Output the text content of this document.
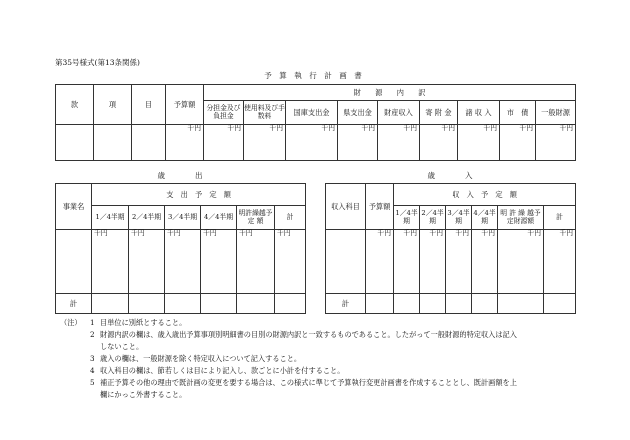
第35号様式(第13条関係)
予　算　執　行　計　画　書
款	項	目	予算額	財　　源　　内　　訳								
				分担金及び負担金	使用料及び手数料	国庫支出金	県支出金	財産収入	寄 附 金	諸 収 入	市　債	一般財源
			千円	千円	千円	千円	千円	千円	千円	千円	千円	千円
歳　　　　出
事業名	支　出　予　定　額					
	1／4半期	2／4半期	3／4半期	4／4半期	明許繰越予 定 額	計
	千円	千円	千円	千円	千円	千円
計						
歳　　　　入
収入科目	予算額	収　入　予　定　額					
		1／4半期	2／4半期	3／4半期	4／4半期	明 許 繰 越予定財源額	計
	千円	千円	千円	千円	千円	千円	千円
計							
（注） 1 目単位に別紙とすること。
2 財源内訳の欄は、歳入歳出予算事項別明細書の目別の財源内訳と一致するものであること。したがって一般財源的特定収入は記入
しないこと。
3 歳入の欄は、一般財源を除く特定収入について記入すること。
4 収入科目の欄は、節若しくは目により記入し、款ごとに小計を付すること。
5 補正予算その他の理由で既計画の変更を要する場合は、この様式に準じて予算執行変更計画書を作成することとし、既計画額を上
欄にかっこ外書すること。
